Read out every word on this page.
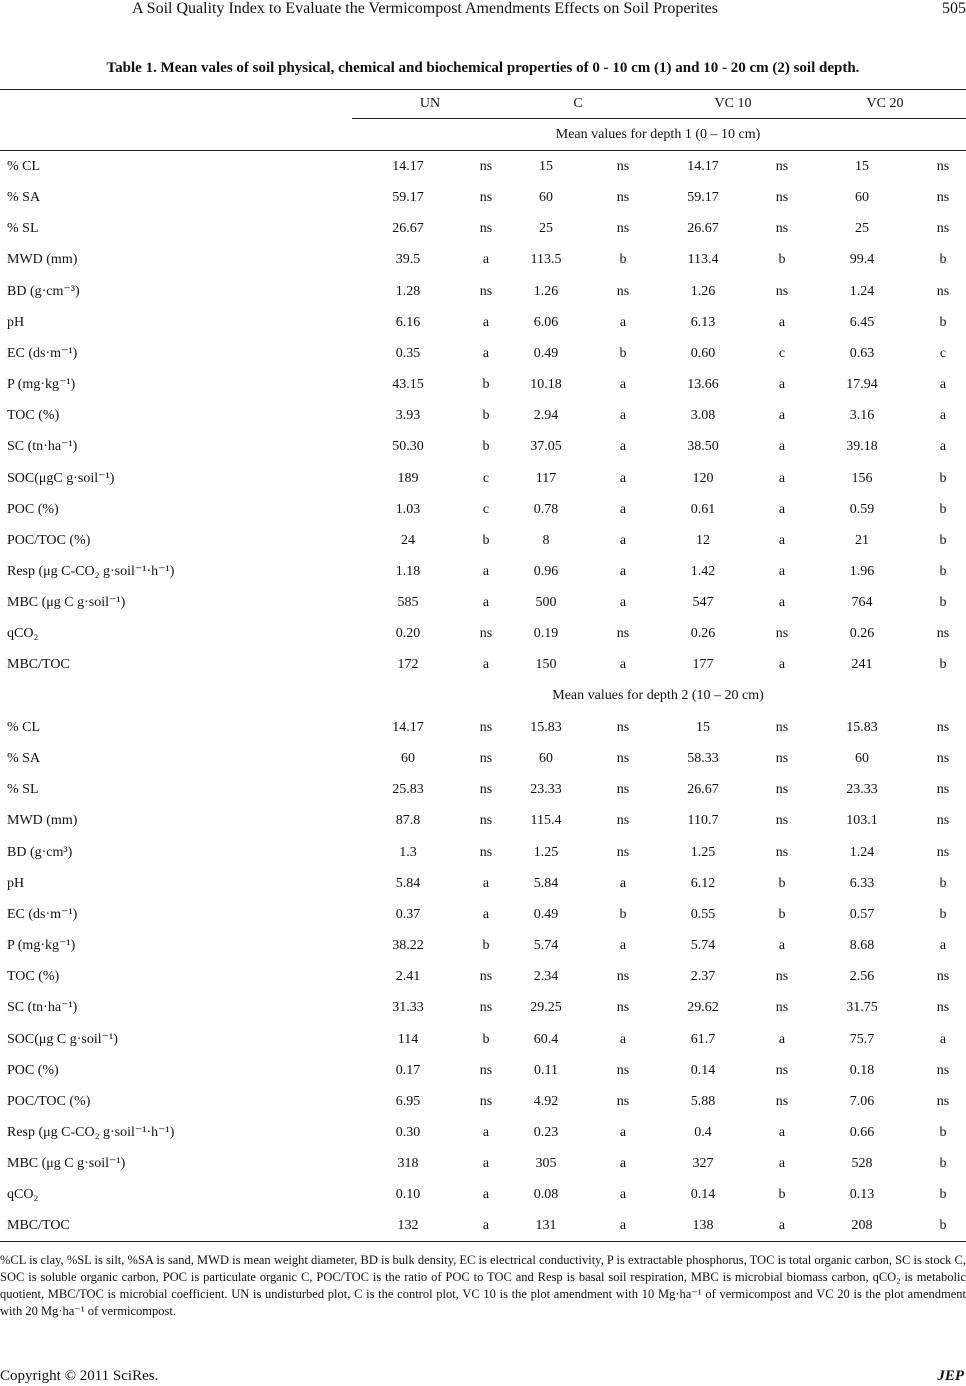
A Soil Quality Index to Evaluate the Vermicompost Amendments Effects on Soil Properites	505
Table 1. Mean vales of soil physical, chemical and biochemical properties of 0 - 10 cm (1) and 10 - 20 cm (2) soil depth.
UN	C	VC 10	VC 20
Mean values for depth 1 (0 – 10 cm)
% CL	14.17	ns	15	ns	14.17	ns	15	ns
% SA	59.17	ns	60	ns	59.17	ns	60	ns
% SL	26.67	ns	25	ns	26.67	ns	25	ns
MWD (mm)	39.5	a	113.5	b	113.4	b	99.4	b
BD (g·cm⁻³)	1.28	ns	1.26	ns	1.26	ns	1.24	ns
pH	6.16	a	6.06	a	6.13	a	6.45	b
EC (ds·m⁻¹)	0.35	a	0.49	b	0.60	c	0.63	c
P (mg·kg⁻¹)	43.15	b	10.18	a	13.66	a	17.94	a
TOC (%)	3.93	b	2.94	a	3.08	a	3.16	a
SC (tn·ha⁻¹)	50.30	b	37.05	a	38.50	a	39.18	a
SOC(μgC g·soil⁻¹)	189	c	117	a	120	a	156	b
POC (%)	1.03	c	0.78	a	0.61	a	0.59	b
POC/TOC (%)	24	b	8	a	12	a	21	b
Resp (μg C-CO₂ g·soil⁻¹·h⁻¹)	1.18	a	0.96	a	1.42	a	1.96	b
MBC (μg C g·soil⁻¹)	585	a	500	a	547	a	764	b
qCO₂	0.20	ns	0.19	ns	0.26	ns	0.26	ns
MBC/TOC	172	a	150	a	177	a	241	b
Mean values for depth 2 (10 – 20 cm)
% CL	14.17	ns	15.83	ns	15	ns	15.83	ns
% SA	60	ns	60	ns	58.33	ns	60	ns
% SL	25.83	ns	23.33	ns	26.67	ns	23.33	ns
MWD (mm)	87.8	ns	115.4	ns	110.7	ns	103.1	ns
BD (g·cm³)	1.3	ns	1.25	ns	1.25	ns	1.24	ns
pH	5.84	a	5.84	a	6.12	b	6.33	b
EC (ds·m⁻¹)	0.37	a	0.49	b	0.55	b	0.57	b
P (mg·kg⁻¹)	38.22	b	5.74	a	5.74	a	8.68	a
TOC (%)	2.41	ns	2.34	ns	2.37	ns	2.56	ns
SC (tn·ha⁻¹)	31.33	ns	29.25	ns	29.62	ns	31.75	ns
SOC(μg C g·soil⁻¹)	114	b	60.4	a	61.7	a	75.7	a
POC (%)	0.17	ns	0.11	ns	0.14	ns	0.18	ns
POC/TOC (%)	6.95	ns	4.92	ns	5.88	ns	7.06	ns
Resp (μg C-CO₂ g·soil⁻¹·h⁻¹)	0.30	a	0.23	a	0.4	a	0.66	b
MBC (μg C g·soil⁻¹)	318	a	305	a	327	a	528	b
qCO₂	0.10	a	0.08	a	0.14	b	0.13	b
MBC/TOC	132	a	131	a	138	a	208	b
%CL is clay, %SL is silt, %SA is sand, MWD is mean weight diameter, BD is bulk density, EC is electrical conductivity, P is extractable phosphorus, TOC is total organic carbon, SC is stock C, SOC is soluble organic carbon, POC is particulate organic C, POC/TOC is the ratio of POC to TOC and Resp is basal soil respiration, MBC is microbial biomass carbon, qCO₂ is metabolic quotient, MBC/TOC is microbial coefficient. UN is undisturbed plot, C is the control plot, VC 10 is the plot amendment with 10 Mg·ha⁻¹ of vermicompost and VC 20 is the plot amendment with 20 Mg·ha⁻¹ of vermicompost.
Copyright © 2011 SciRes.	JEP
